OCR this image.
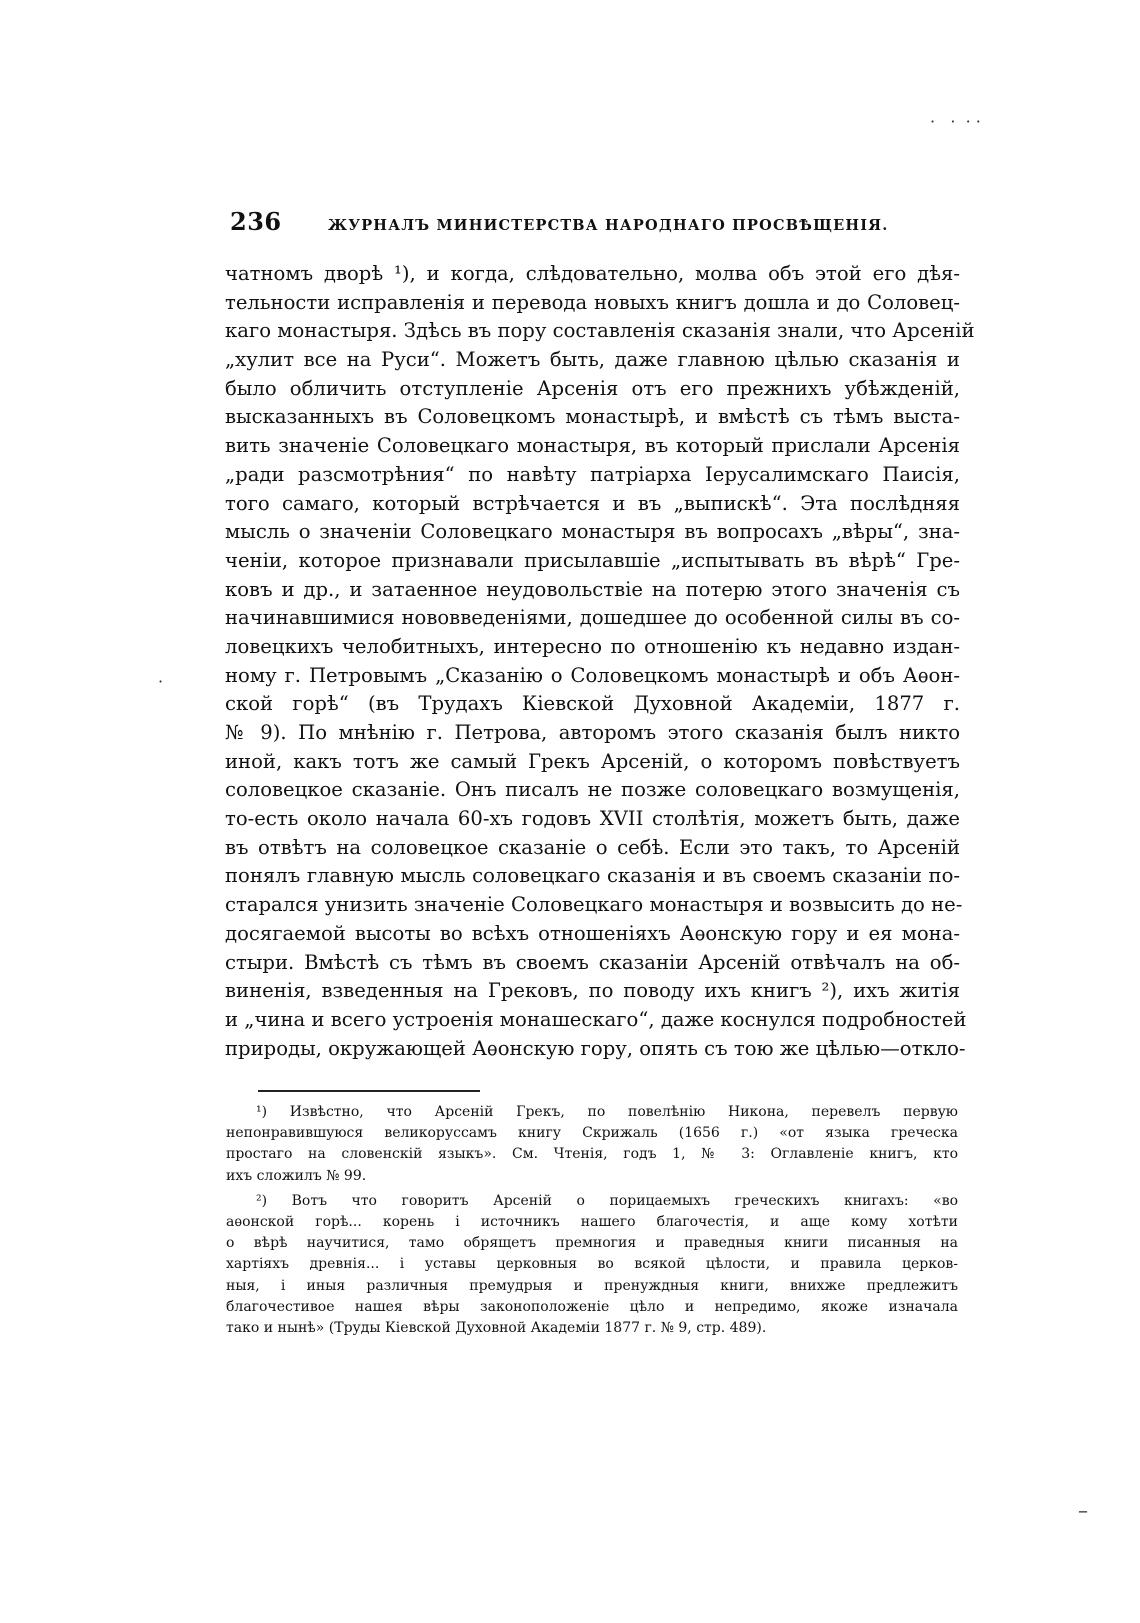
236	ЖУРНАЛЪ МИНИСТЕРСТВА НАРОДНАГО ПРОСВѢЩЕНІЯ.
чатномъ дворѣ ¹), и когда, слѣдовательно, молва объ этой его дѣя-
тельности исправленія и перевода новыхъ книгъ дошла и до Соловец-
каго монастыря. Здѣсь въ пору составленія сказанія знали, что Арсеній
„хулит все на Руси“. Можетъ быть, даже главною цѣлью сказанія и
было обличить отступленіе Арсенія отъ его прежнихъ убѣжденій,
высказанныхъ въ Соловецкомъ монастырѣ, и вмѣстѣ съ тѣмъ выста-
вить значеніе Соловецкаго монастыря, въ который прислали Арсенія
„ради разсмотрѣния“ по навѣту патріарха Іерусалимскаго Паисія,
того самаго, который встрѣчается и въ „выпискѣ“. Эта послѣдняя
мысль о значеніи Соловецкаго монастыря въ вопросахъ „вѣры“, зна-
ченіи, которое признавали присылавшіе „испытывать въ вѣрѣ“ Гре-
ковъ и др., и затаенное неудовольствіе на потерю этого значенія съ
начинавшимися нововведеніями, дошедшее до особенной силы въ со-
ловецкихъ челобитныхъ, интересно по отношенію къ недавно издан-
ному г. Петровымъ „Сказанію о Соловецкомъ монастырѣ и объ Аѳон-
ской горѣ“ (въ Трудахъ Кіевской Духовной Академіи, 1877 г.
№ 9). По мнѣнію г. Петрова, авторомъ этого сказанія былъ никто
иной, какъ тотъ же самый Грекъ Арсеній, о которомъ повѣствуетъ
соловецкое сказаніе. Онъ писалъ не позже соловецкаго возмущенія,
то-есть около начала 60-хъ годовъ XVII столѣтія, можетъ быть, даже
въ отвѣтъ на соловецкое сказаніе о себѣ. Если это такъ, то Арсеній
понялъ главную мысль соловецкаго сказанія и въ своемъ сказаніи по-
старался унизить значеніе Соловецкаго монастыря и возвысить до не-
досягаемой высоты во всѣхъ отношеніяхъ Аѳонскую гору и ея мона-
стыри. Вмѣстѣ съ тѣмъ въ своемъ сказаніи Арсеній отвѣчалъ на об-
виненія, взведенныя на Грековъ, по поводу ихъ книгъ ²), ихъ житія
и „чина и всего устроенія монашескаго“, даже коснулся подробностей
природы, окружающей Аѳонскую гору, опять съ тою же цѣлью—откло-
¹) Извѣстно, что Арсеній Грекъ, по повелѣнію Никона, перевелъ первую
непонравившуюся великоруссамъ книгу Скрижаль (1656 г.) «от языка греческа
простаго на словенскій языкъ». См. Чтенія, годъ 1, № 3: Оглавленіе книгъ, кто
ихъ сложилъ № 99.
²) Вотъ что говоритъ Арсеній о порицаемыхъ греческихъ книгахъ: «во
аѳонской горѣ... корень і источникъ нашего благочестія, и аще кому хотѣти
о вѣрѣ научитися, тамо обрящетъ премногия и праведныя книги писанныя на
хартіяхъ древнія... і уставы церковныя во всякой цѣлости, и правила церков-
ныя, і иныя различныя премудрыя и пренуждныя книги, внихже предлежитъ
благочестивое нашея вѣры законоположеніе цѣло и непредимо, якоже изначала
тако и нынѣ» (Труды Кіевской Духовной Академіи 1877 г. № 9, стр. 489).
·   ·  · ·
·
–
